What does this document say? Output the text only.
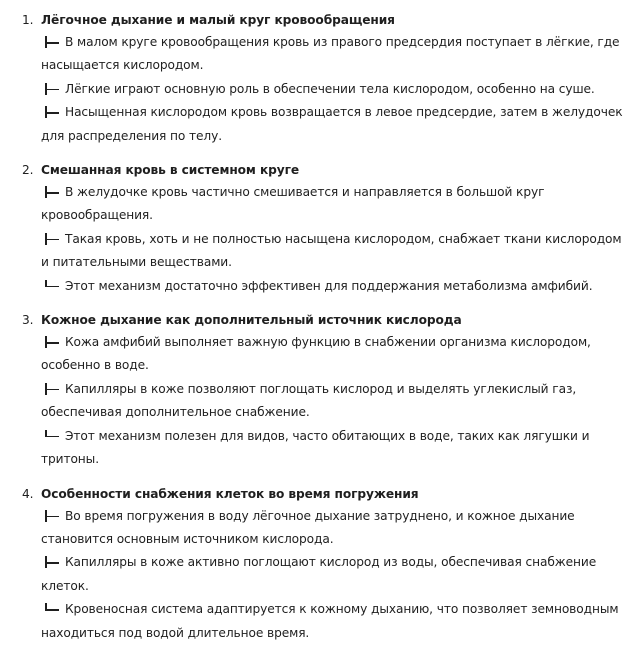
1. Лёгочное дыхание и малый круг кровообращения
В малом круге кровообращения кровь из правого предсердия поступает в лёгкие, где насыщается кислородом.
Лёгкие играют основную роль в обеспечении тела кислородом, особенно на суше.
Насыщенная кислородом кровь возвращается в левое предсердие, затем в желудочек для распределения по телу.
2. Смешанная кровь в системном круге
В желудочке кровь частично смешивается и направляется в большой круг кровообращения.
Такая кровь, хоть и не полностью насыщена кислородом, снабжает ткани кислородом и питательными веществами.
Этот механизм достаточно эффективен для поддержания метаболизма амфибий.
3. Кожное дыхание как дополнительный источник кислорода
Кожа амфибий выполняет важную функцию в снабжении организма кислородом, особенно в воде.
Капилляры в коже позволяют поглощать кислород и выделять углекислый газ, обеспечивая дополнительное снабжение.
Этот механизм полезен для видов, часто обитающих в воде, таких как лягушки и тритоны.
4. Особенности снабжения клеток во время погружения
Во время погружения в воду лёгочное дыхание затруднено, и кожное дыхание становится основным источником кислорода.
Капилляры в коже активно поглощают кислород из воды, обеспечивая снабжение клеток.
Кровеносная система адаптируется к кожному дыханию, что позволяет земноводным находиться под водой длительное время.
